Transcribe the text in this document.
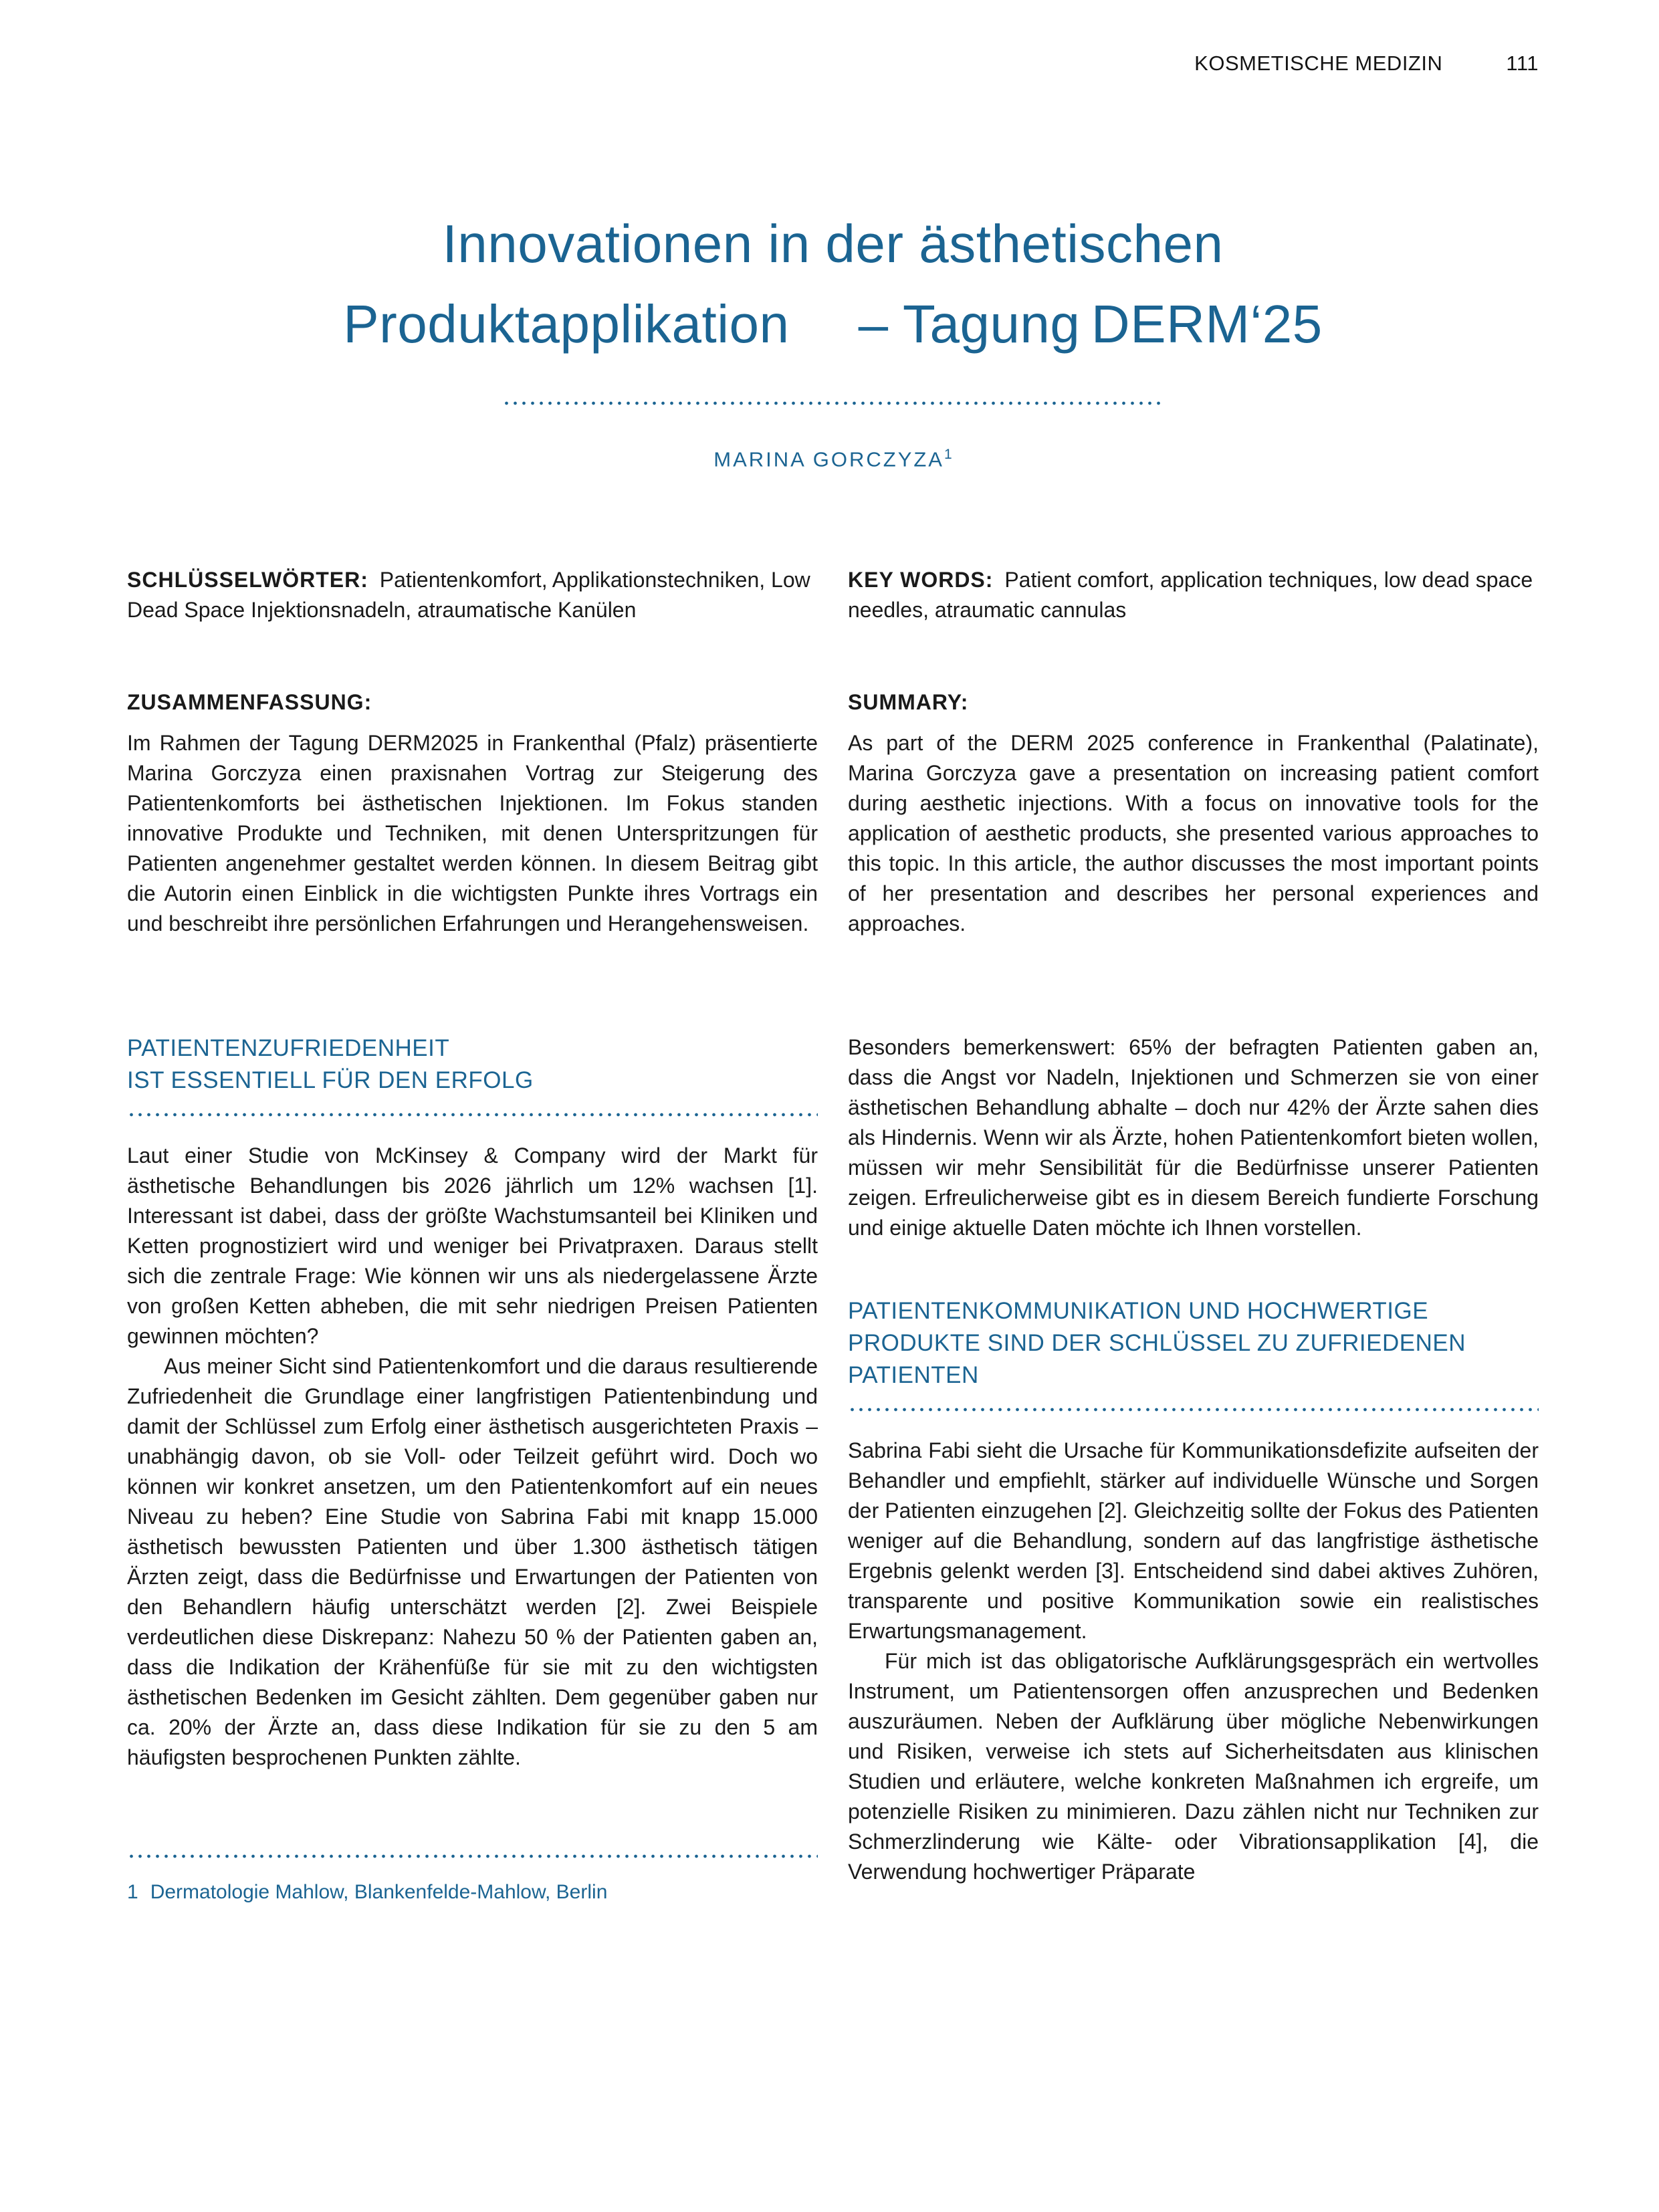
KOSMETISCHE MEDIZIN	111
Innovationen in der ästhetischen
Produktapplikation  – Tagung DERM‘25
MARINA GORCZYZA$^1$

SCHLÜSSELWÖRTER: Patientenkomfort, Applikationstechniken, Low Dead Space Injektionsnadeln, atraumatische Kanülen

KEY WORDS: Patient comfort, application techniques, low dead space needles, atraumatic cannulas

ZUSAMMENFASSUNG:

Im Rahmen der Tagung DERM2025 in Frankenthal (Pfalz) präsentierte Marina Gorczyza einen praxisnahen Vortrag zur Steigerung des Patientenkomforts bei ästhetischen Injektionen. Im Fokus standen innovative Produkte und Techniken, mit denen Unterspritzungen für Patienten angenehmer gestaltet werden können. In diesem Beitrag gibt die Autorin einen Einblick in die wichtigsten Punkte ihres Vortrags ein und beschreibt ihre persönlichen Erfahrungen und Herangehensweisen.

SUMMARY:

As part of the DERM 2025 conference in Frankenthal (Palatinate), Marina Gorczyza gave a presentation on increasing patient comfort during aesthetic injections. With a focus on innovative tools for the application of aesthetic products, she presented various approaches to this topic. In this article, the author discusses the most important points of her presentation and describes her personal experiences and approaches.

PATIENTENZUFRIEDENHEIT
IST ESSENTIELL FÜR DEN ERFOLG

Laut einer Studie von McKinsey & Company wird der Markt für ästhetische Behandlungen bis 2026 jährlich um 12% wachsen [1]. Interessant ist dabei, dass der größte Wachstumsanteil bei Kliniken und Ketten prognostiziert wird und weniger bei Privatpraxen. Daraus stellt sich die zentrale Frage: Wie können wir uns als niedergelassene Ärzte von großen Ketten abheben, die mit sehr niedrigen Preisen Patienten gewinnen möchten?

Aus meiner Sicht sind Patientenkomfort und die daraus resultierende Zufriedenheit die Grundlage einer langfristigen Patientenbindung und damit der Schlüssel zum Erfolg einer ästhetisch ausgerichteten Praxis – unabhängig davon, ob sie Voll- oder Teilzeit geführt wird. Doch wo können wir konkret ansetzen, um den Patientenkomfort auf ein neues Niveau zu heben? Eine Studie von Sabrina Fabi mit knapp 15.000 ästhetisch bewussten Patienten und über 1.300 ästhetisch tätigen Ärzten zeigt, dass die Bedürfnisse und Erwartungen der Patienten von den Behandlern häufig unterschätzt werden [2]. Zwei Beispiele verdeutlichen diese Diskrepanz: Nahezu 50 % der Patienten gaben an, dass die Indikation der Krähenfüße für sie mit zu den wichtigsten ästhetischen Bedenken im Gesicht zählten. Dem gegenüber gaben nur ca. 20% der Ärzte an, dass diese Indikation für sie zu den 5 am häufigsten besprochenen Punkten zählte.

1 Dermatologie Mahlow, Blankenfelde-Mahlow, Berlin

Besonders bemerkenswert: 65% der befragten Patienten gaben an, dass die Angst vor Nadeln, Injektionen und Schmerzen sie von einer ästhetischen Behandlung abhalte – doch nur 42% der Ärzte sahen dies als Hindernis. Wenn wir als Ärzte, hohen Patientenkomfort bieten wollen, müssen wir mehr Sensibilität für die Bedürfnisse unserer Patienten zeigen. Erfreulicherweise gibt es in diesem Bereich fundierte Forschung und einige aktuelle Daten möchte ich Ihnen vorstellen.

PATIENTENKOMMUNIKATION UND HOCHWERTIGE
PRODUKTE SIND DER SCHLÜSSEL ZU ZUFRIEDENEN
PATIENTEN

Sabrina Fabi sieht die Ursache für Kommunikationsdefizite aufseiten der Behandler und empfiehlt, stärker auf individuelle Wünsche und Sorgen der Patienten einzugehen [2]. Gleichzeitig sollte der Fokus des Patienten weniger auf die Behandlung, sondern auf das langfristige ästhetische Ergebnis gelenkt werden [3]. Entscheidend sind dabei aktives Zuhören, transparente und positive Kommunikation sowie ein realistisches Erwartungsmanagement.

Für mich ist das obligatorische Aufklärungsgespräch ein wertvolles Instrument, um Patientensorgen offen anzusprechen und Bedenken auszuräumen. Neben der Aufklärung über mögliche Nebenwirkungen und Risiken, verweise ich stets auf Sicherheitsdaten aus klinischen Studien und erläutere, welche konkreten Maßnahmen ich ergreife, um potenzielle Risiken zu minimieren. Dazu zählen nicht nur Techniken zur Schmerzlinderung wie Kälte- oder Vibrationsapplikation [4], die Verwendung hochwertiger Präparate
